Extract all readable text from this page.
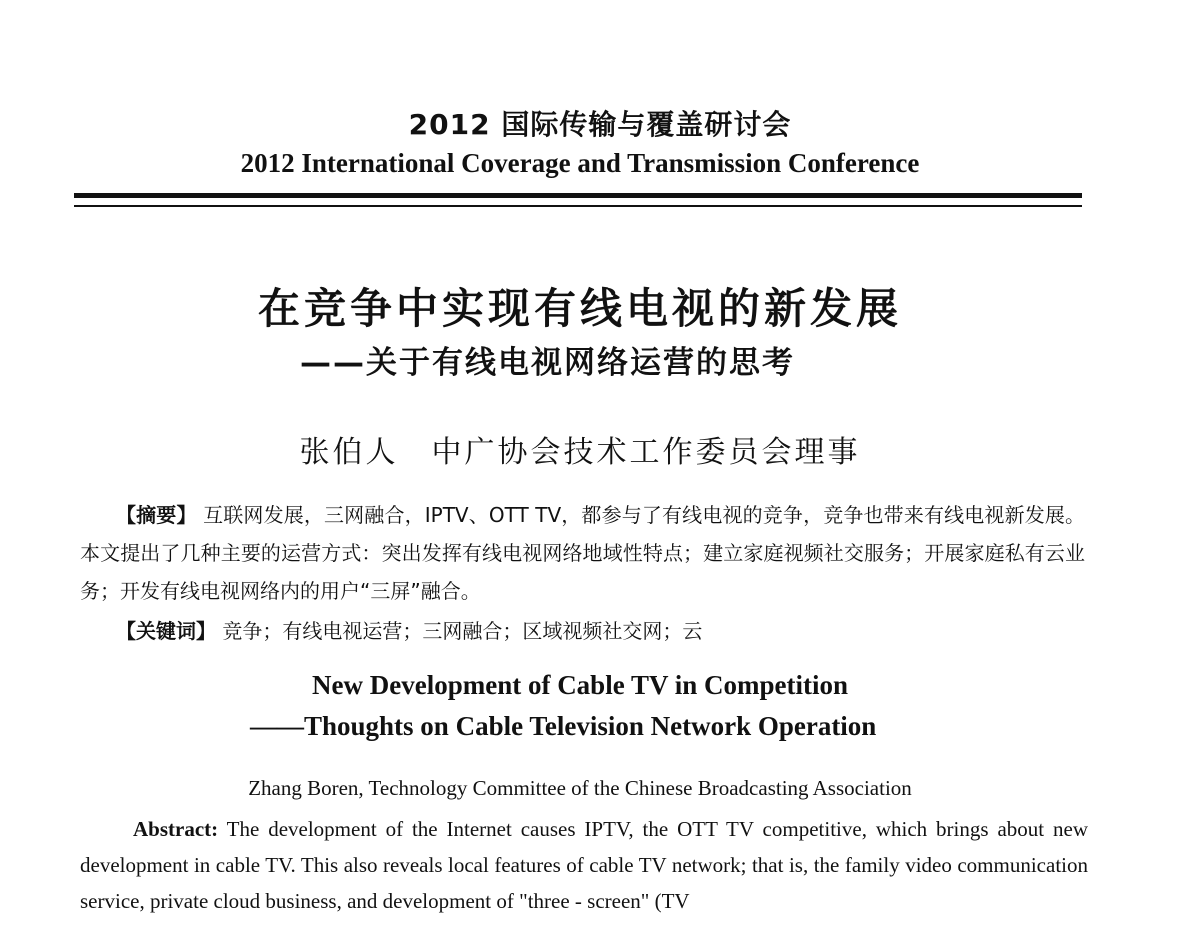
2012 国际传输与覆盖研讨会
2012 International Coverage and Transmission Conference
在竞争中实现有线电视的新发展
——关于有线电视网络运营的思考
张伯人　中广协会技术工作委员会理事
【摘要】 互联网发展，三网融合，IPTV、OTT TV，都参与了有线电视的竞争，竞争也带来有线电视新发展。本文提出了几种主要的运营方式：突出发挥有线电视网络地域性特点；建立家庭视频社交服务；开展家庭私有云业务；开发有线电视网络内的用户“三屏”融合。
【关键词】 竞争；有线电视运营；三网融合；区域视频社交网；云
New Development of Cable TV in Competition
——Thoughts on Cable Television Network Operation
Zhang Boren, Technology Committee of the Chinese Broadcasting Association
Abstract: The development of the Internet causes IPTV, the OTT TV competitive, which brings about new development in cable TV. This also reveals local features of cable TV network; that is, the family video communication service, private cloud business, and development of "three - screen" (TV
